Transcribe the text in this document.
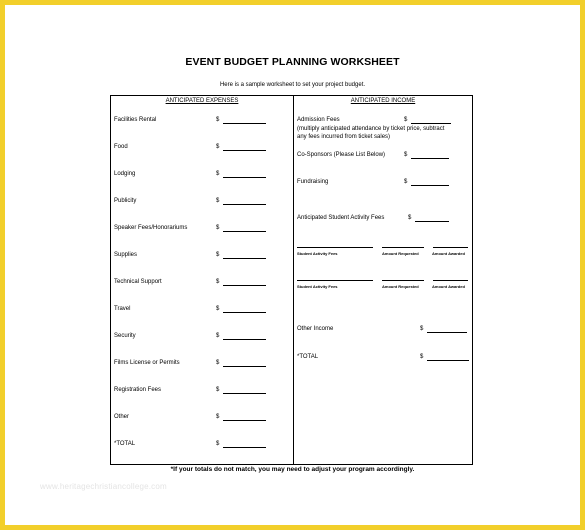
EVENT BUDGET PLANNING WORKSHEET
Here is a sample worksheet to set your project budget.
ANTICIPATED EXPENSES
Facilities Rental	$
Food	$
Lodging	$
Publicity	$
Speaker Fees/Honorariums	$
Supplies	$
Technical Support	$
Travel	$
Security	$
Films License or Permits	$
Registration Fees	$
Other	$
*TOTAL	$
ANTICIPATED INCOME
Admission Fees	$
(multiply anticipated attendance by ticket price, subtract
any fees incurred from ticket sales)
Co-Sponsors (Please List Below)	$
Fundraising	$
Anticipated Student Activity Fees	$
Student Activity Fees	Amount Requested	Amount Awarded
Student Activity Fees	Amount Requested	Amount Awarded
Other Income	$
*TOTAL	$
*If your totals do not match, you may need to adjust your program accordingly.
www.heritagechristiancollege.com
